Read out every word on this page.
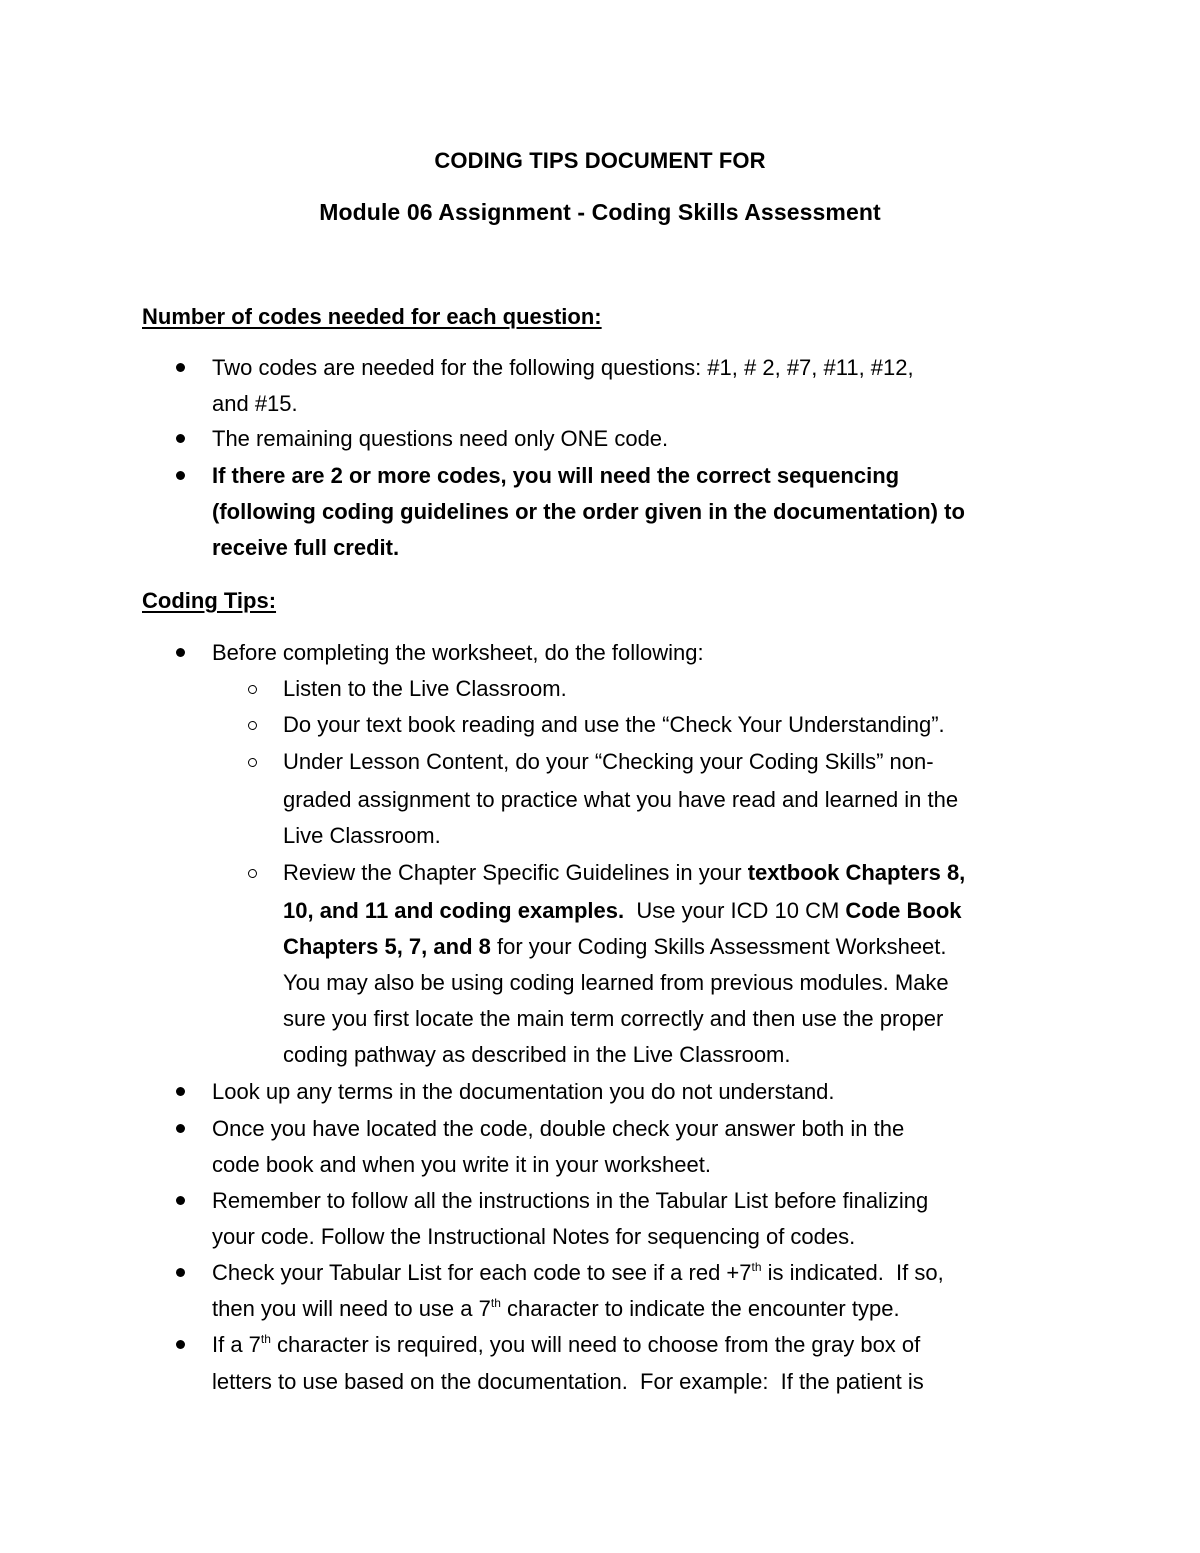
CODING TIPS DOCUMENT FOR
Module 06 Assignment - Coding Skills Assessment
Number of codes needed for each question:
Two codes are needed for the following questions: #1, # 2, #7, #11, #12,
and #15.
The remaining questions need only ONE code.
If there are 2 or more codes, you will need the correct sequencing
(following coding guidelines or the order given in the documentation) to
receive full credit.
Coding Tips:
Before completing the worksheet, do the following:
Listen to the Live Classroom.
Do your text book reading and use the “Check Your Understanding”.
Under Lesson Content, do your “Checking your Coding Skills” non-
graded assignment to practice what you have read and learned in the
Live Classroom.
Review the Chapter Specific Guidelines in your textbook Chapters 8,
10, and 11 and coding examples.  Use your ICD 10 CM Code Book
Chapters 5, 7, and 8 for your Coding Skills Assessment Worksheet.
You may also be using coding learned from previous modules. Make
sure you first locate the main term correctly and then use the proper
coding pathway as described in the Live Classroom.
Look up any terms in the documentation you do not understand.
Once you have located the code, double check your answer both in the
code book and when you write it in your worksheet.
Remember to follow all the instructions in the Tabular List before finalizing
your code. Follow the Instructional Notes for sequencing of codes.
Check your Tabular List for each code to see if a red +7th is indicated.  If so,
then you will need to use a 7th character to indicate the encounter type.
If a 7th character is required, you will need to choose from the gray box of
letters to use based on the documentation.  For example:  If the patient is
